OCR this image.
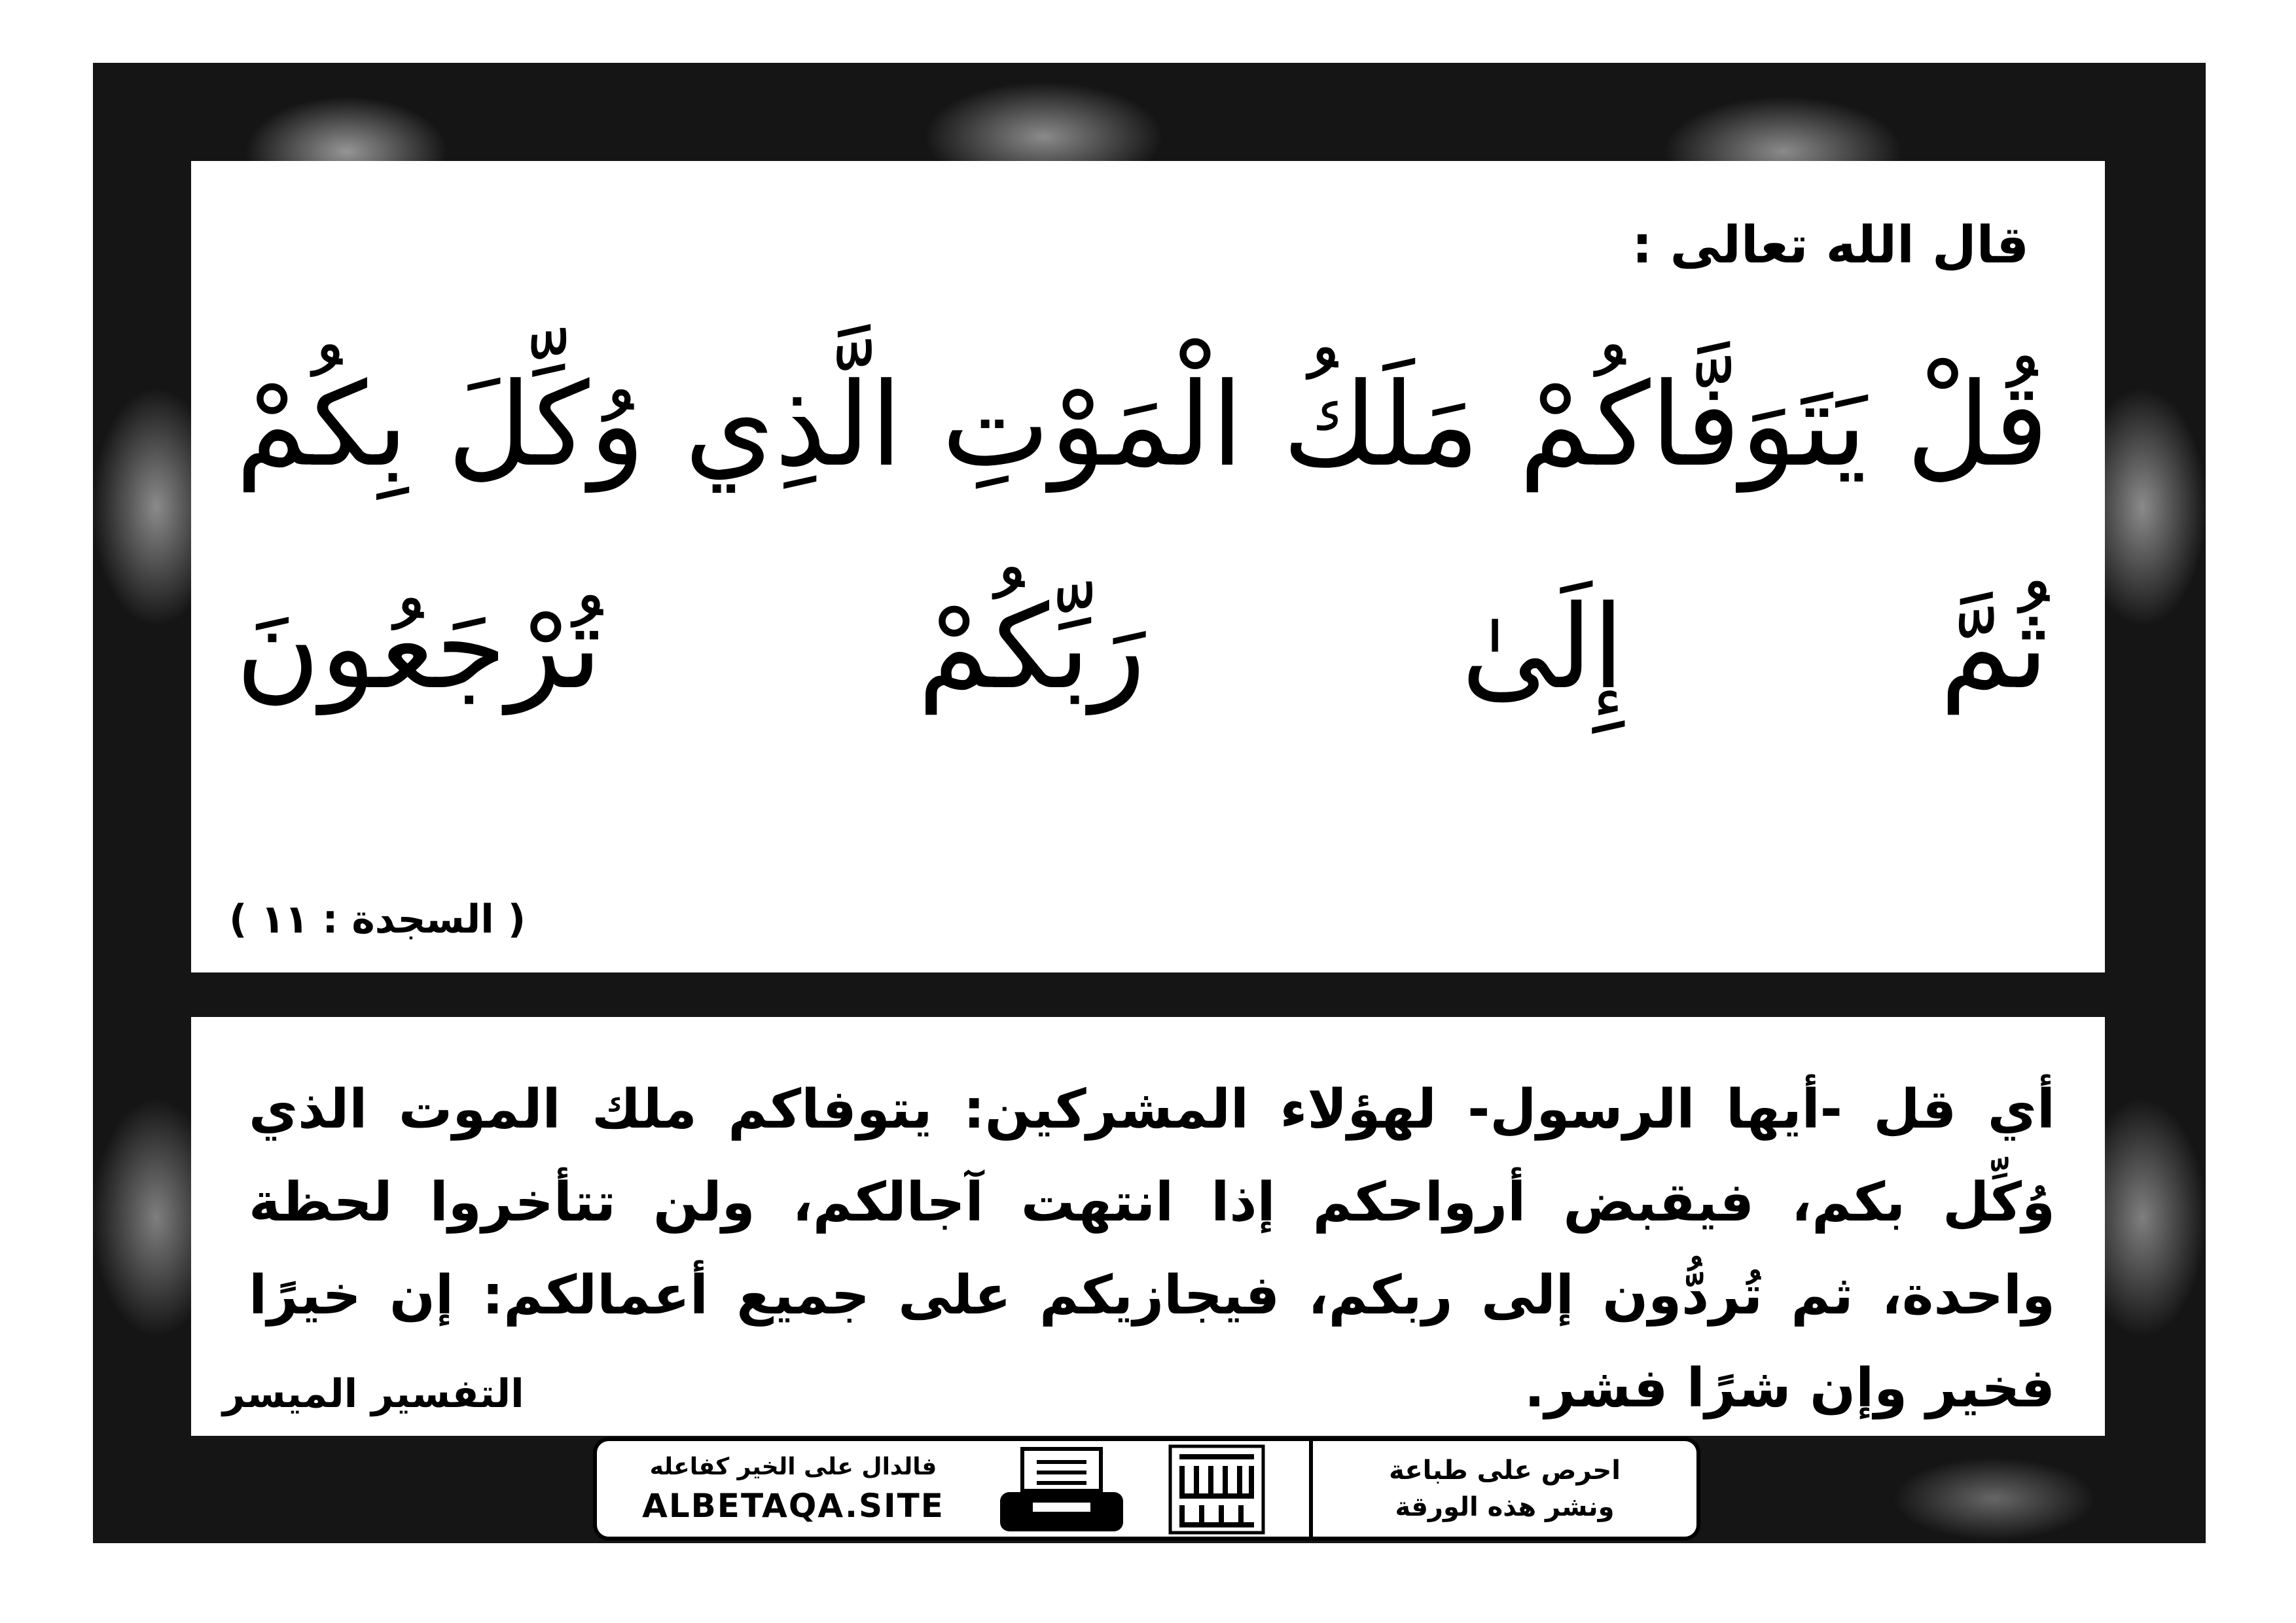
قال الله تعالى :
قُلْ يَتَوَفَّاكُمْ مَلَكُ الْمَوْتِ الَّذِي وُكِّلَ بِكُمْ ثُمَّ إِلَىٰ رَبِّكُمْ تُرْجَعُونَ
( السجدة : ١١ )
أي قل -أيها الرسول- لهؤلاء المشركين: يتوفاكم ملك الموت الذي وُكِّل بكم، فيقبض أرواحكم إذا انتهت آجالكم، ولن تتأخروا لحظة واحدة، ثم تُردُّون إلى ربكم، فيجازيكم على جميع أعمالكم: إن خيرًا فخير وإن شرًا فشر.
التفسير الميسر
فالدال على الخير كفاعله
ALBETAQA.SITE
احرص على طباعة
ونشر هذه الورقة
